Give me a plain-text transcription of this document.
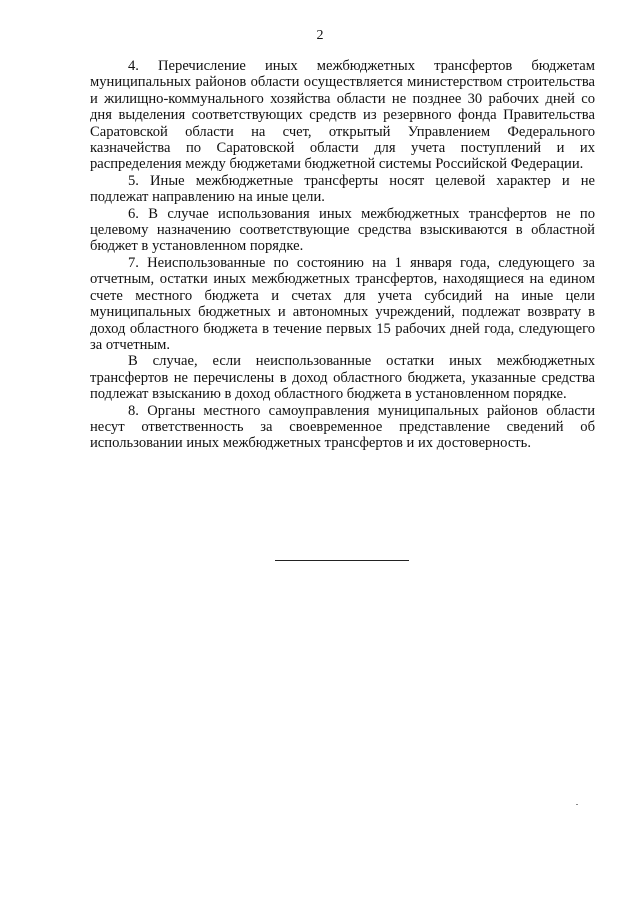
2

4. Перечисление иных межбюджетных трансфертов бюджетам муниципальных районов области осуществляется министерством строительства и жилищно-коммунального хозяйства области не позднее 30 рабочих дней со дня выделения соответствующих средств из резервного фонда Правительства Саратовской области на счет, открытый Управлением Федерального казначейства по Саратовской области для учета поступлений и их распределения между бюджетами бюджетной системы Российской Федерации.

5. Иные межбюджетные трансферты носят целевой характер и не подлежат направлению на иные цели.

6. В случае использования иных межбюджетных трансфертов не по целевому назначению соответствующие средства взыскиваются в областной бюджет в установленном порядке.

7. Неиспользованные по состоянию на 1 января года, следующего за отчетным, остатки иных межбюджетных трансфертов, находящиеся на едином счете местного бюджета и счетах для учета субсидий на иные цели муниципальных бюджетных и автономных учреждений, подлежат возврату в доход областного бюджета в течение первых 15 рабочих дней года, следующего за отчетным.

В случае, если неиспользованные остатки иных межбюджетных трансфертов не перечислены в доход областного бюджета, указанные средства подлежат взысканию в доход областного бюджета в установленном порядке.

8. Органы местного самоуправления муниципальных районов области несут ответственность за своевременное представление сведений об использовании иных межбюджетных трансфертов и их достоверность.
